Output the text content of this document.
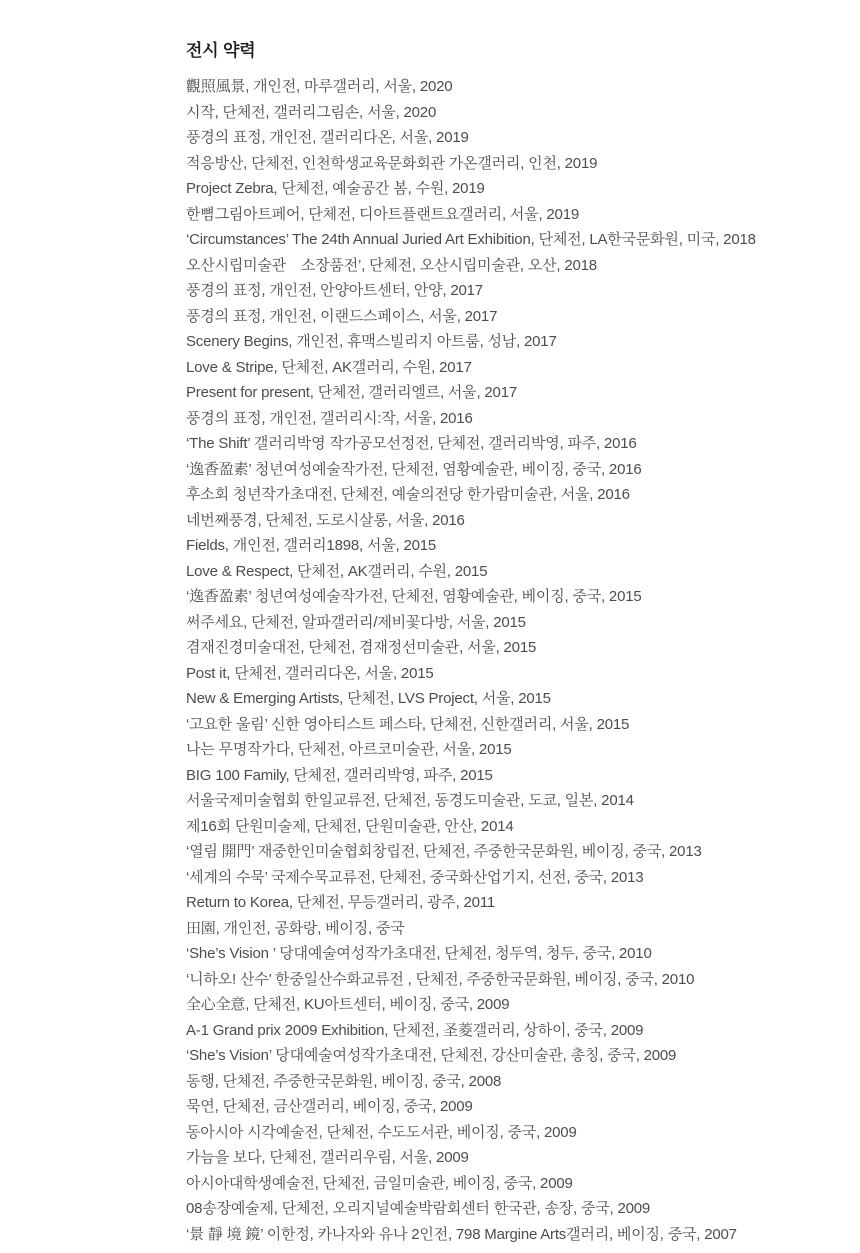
전시 약력
觀照風景, 개인전, 마루갤러리, 서울, 2020
시작, 단체전, 갤러리그림손, 서울, 2020
풍경의 표정, 개인전, 갤러리다온, 서울, 2019
적응방산, 단체전, 인천학생교육문화회관 가온갤러리, 인천, 2019
Project Zebra, 단체전, 예술공간 봄, 수원, 2019
한뼘그림아트페어, 단체전, 디아트플랜트요갤러리, 서울, 2019
‘Circumstances’ The 24th Annual Juried Art Exhibition, 단체전, LA한국문화원, 미국, 2018
오산시립미술관　소장품전’, 단체전, 오산시립미술관, 오산, 2018
풍경의 표정, 개인전, 안양아트센터, 안양, 2017
풍경의 표정, 개인전, 이랜드스페이스, 서울, 2017
Scenery Begins, 개인전, 휴맥스빌리지 아트룸, 성남, 2017
Love & Stripe, 단체전, AK갤러리, 수원, 2017
Present for present, 단체전, 갤러리엘르, 서울, 2017
풍경의 표정, 개인전, 갤러리시:작, 서울, 2016
‘The Shift’ 갤러리박영 작가공모선정전, 단체전, 갤러리박영, 파주, 2016
‘逸香盈素’ 청년여성예술작가전, 단체전, 염황예술관, 베이징, 중국, 2016
후소회 청년작가초대전, 단체전, 예술의전당 한가람미술관, 서울, 2016
네번째풍경, 단체전, 도로시살롱, 서울, 2016
Fields, 개인전, 갤러리1898, 서울, 2015
Love & Respect, 단체전, AK갤러리, 수원, 2015
‘逸香盈素’ 청년여성예술작가전, 단체전, 염황예술관, 베이징, 중국, 2015
써주세요, 단체전, 알파갤러리/제비꽃다방, 서울, 2015
겸재진경미술대전, 단체전, 겸재정선미술관, 서울, 2015
Post it, 단체전, 갤러리다온, 서울, 2015
New & Emerging Artists, 단체전, LVS Project, 서울, 2015
‘고요한 울림’ 신한 영아티스트 페스타, 단체전, 신한갤러리, 서울, 2015
나는 무명작가다, 단체전, 아르코미술관, 서울, 2015
BIG 100 Family, 단체전, 갤러리박영, 파주, 2015
서울국제미술협회 한일교류전, 단체전, 동경도미술관, 도쿄, 일본, 2014
제16회 단원미술제, 단체전, 단원미술관, 안산, 2014
‘열림 開門’ 재중한인미술협회창립전, 단체전, 주중한국문화원, 베이징, 중국, 2013
‘세계의 수묵’ 국제수묵교류전, 단체전, 중국화산업기지, 선전, 중국, 2013
Return to Korea, 단체전, 무등갤러리, 광주, 2011
田園, 개인전, 공화랑, 베이징, 중국
‘She’s Vision ’ 당대예술여성작가초대전, 단체전, 청두역, 청두, 중국, 2010
‘니하오! 산수’ 한중일산수화교류전 , 단체전, 주중한국문화원, 베이징, 중국, 2010
全心全意, 단체전, KU아트센터, 베이징, 중국, 2009
A-1 Grand prix 2009 Exhibition, 단체전, 圣菱갤러리, 상하이, 중국, 2009
‘She’s Vision’ 당대예술여성작가초대전, 단체전, 강산미술관, 총칭, 중국, 2009
동행, 단체전, 주중한국문화원, 베이징, 중국, 2008
묵연, 단체전, 금산갤러리, 베이징, 중국, 2009
동아시아 시각예술전, 단체전, 수도도서관, 베이징, 중국, 2009
가늠을 보다, 단체전, 갤러리우림, 서울, 2009
아시아대학생예술전, 단체전, 금일미술관, 베이징, 중국, 2009
08송장예술제, 단체전, 오리지널예술박람회센터 한국관, 송장, 중국, 2009
‘景 靜 境 鏡’ 이한정, 카나자와 유나 2인전, 798 Margine Arts갤러리, 베이징, 중국, 2007
